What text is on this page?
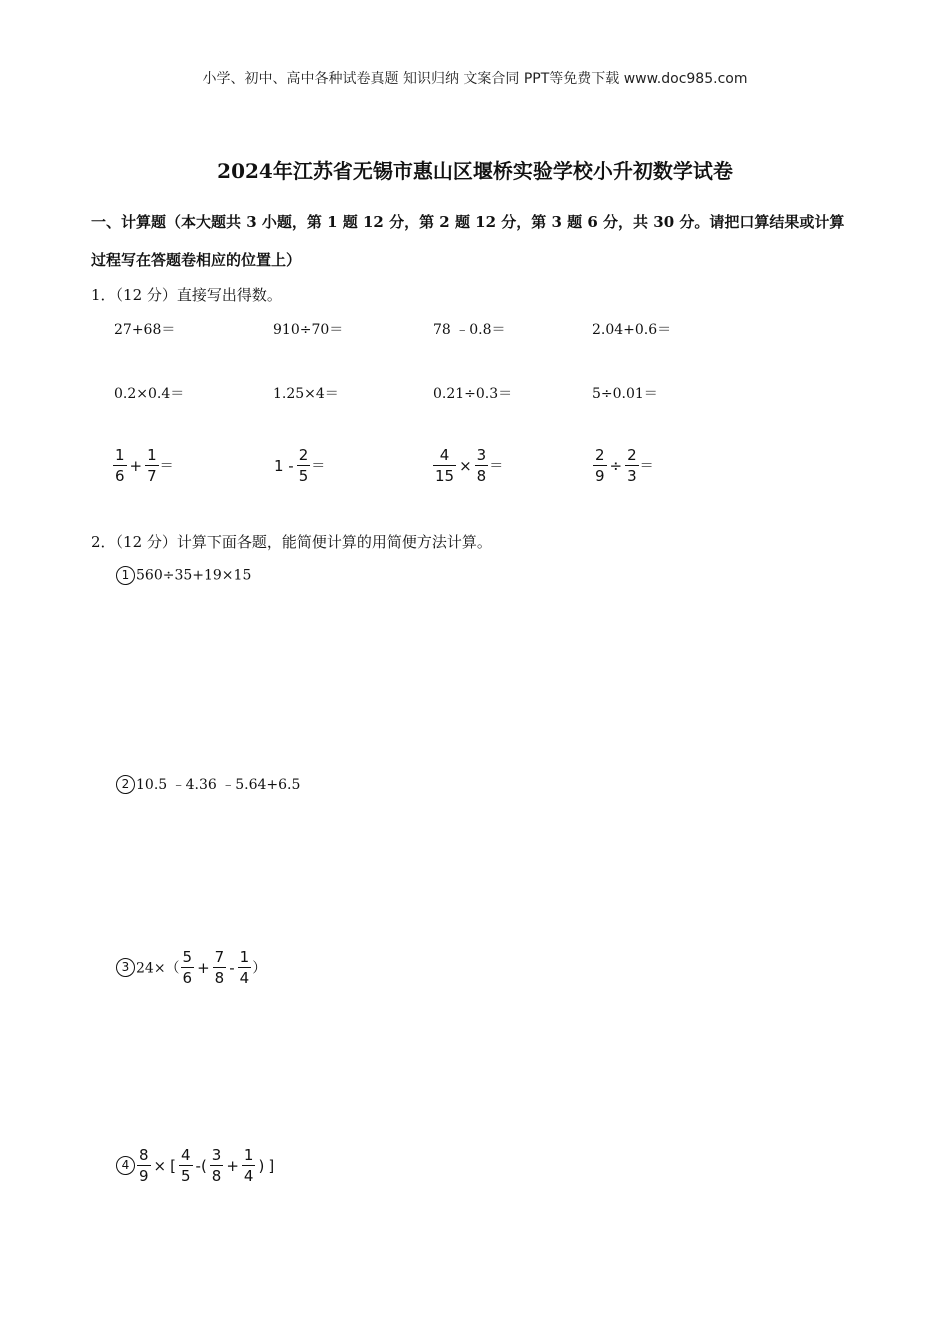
小学、初中、高中各种试卷真题 知识归纳 文案合同 PPT等免费下载 www.doc985.com
2024年江苏省无锡市惠山区堰桥实验学校小升初数学试卷
一、计算题（本大题共 3 小题，第 1 题 12 分，第 2 题 12 分，第 3 题 6 分，共 30 分。请把口算结果或计算
过程写在答题卷相应的位置上）
1．（12 分）直接写出得数。
27+68＝	910÷70＝	78 ﹣0.8＝	2.04+0.6＝
0.2×0.4＝	1.25×4＝	0.21÷0.3＝	5÷0.01＝
$\frac{1}{6} + \frac{1}{7}$ ＝	$1 - \frac{2}{5}$ ＝	$\frac{4}{15} \times \frac{3}{8}$ ＝	$\frac{2}{9} \div \frac{2}{3}$ ＝
2．（12 分）计算下面各题，能简便计算的用简便方法计算。
1 560÷35+19×15
2 10.5 ﹣4.36 ﹣5.64+6.5
3 $24\times( \frac{5}{6} + \frac{7}{8} - \frac{1}{4}$ ）
$4 \frac{8}{9}$ × [ $\frac{4}{5}$ -( $\frac{3}{8} + \frac{1}{4}$ ) ]
